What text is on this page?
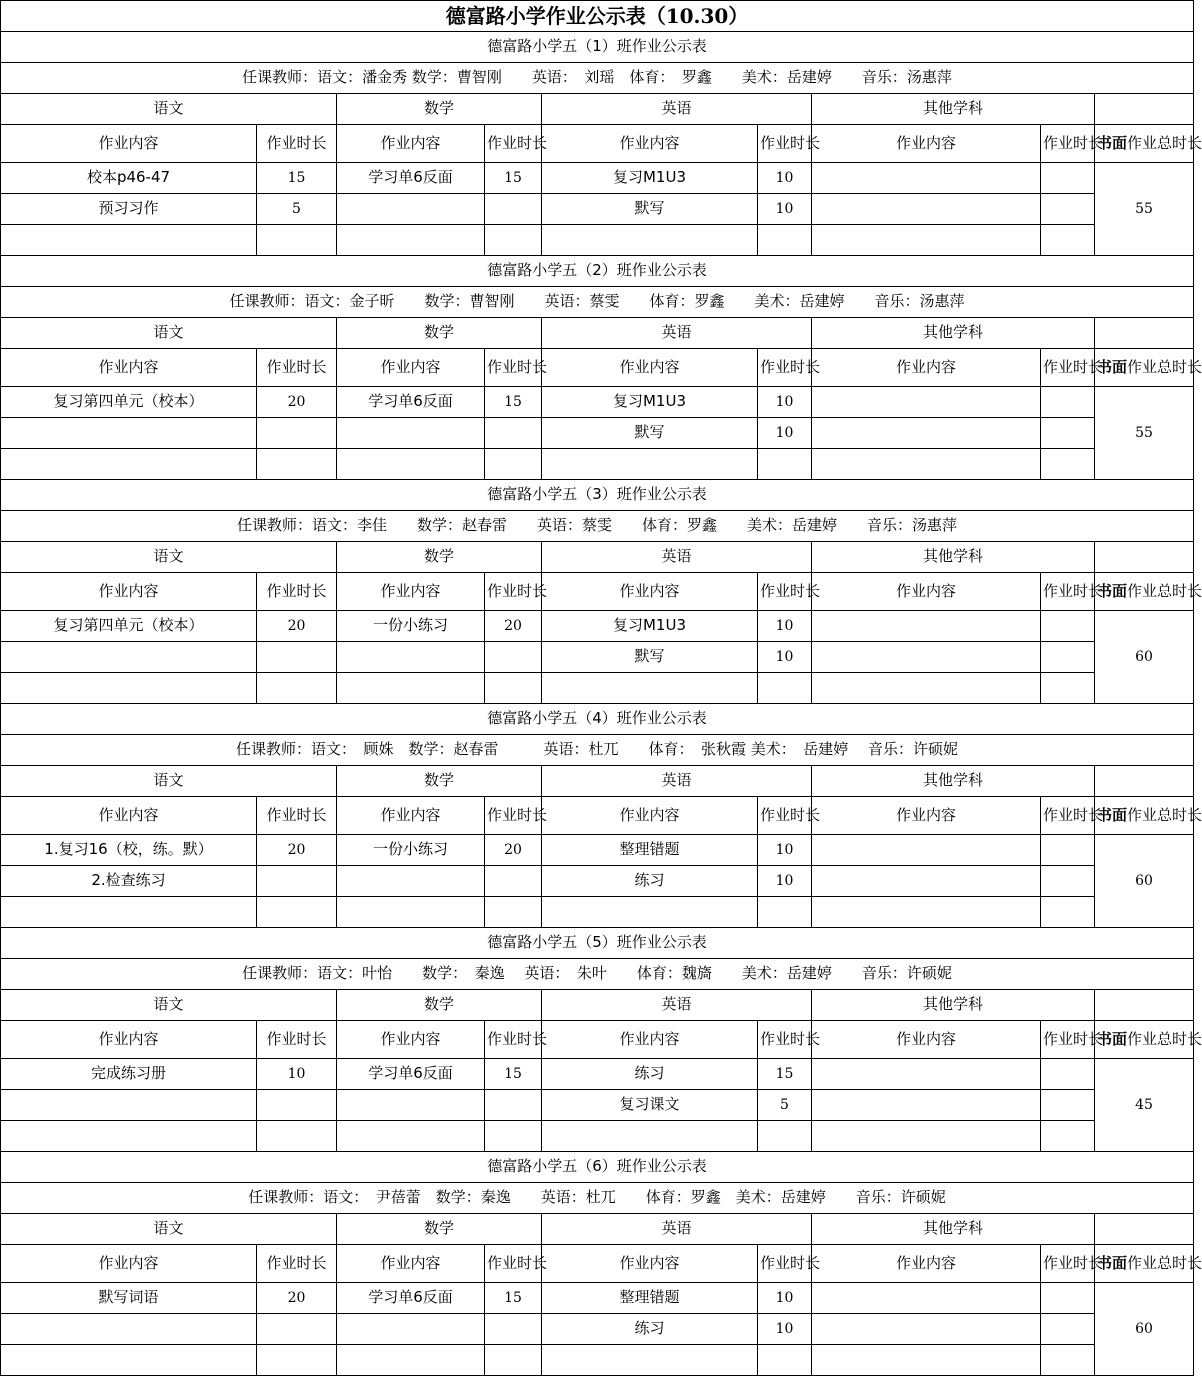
德富路小学作业公示表（10.30）								
德富路小学五（1）班作业公示表								
任课教师：语文：潘金秀 数学：曹智刚　　英语：　刘瑶　体育：　罗鑫　　美术：岳建婷　　音乐：汤惠萍								
语文		数学		英语		其他学科		
作业内容	作业时长	作业内容	作业时长	作业内容	作业时长	作业内容	作业时长	书面作业总时长
校本p46-47	15	学习单6反面	15	复习M1U3	10			55
预习习作	5			默写	10			

德富路小学五（2）班作业公示表								
任课教师：语文：金子昕　　数学：曹智刚　　英语：蔡雯　　体育：罗鑫　　美术：岳建婷　　音乐：汤惠萍								
语文		数学		英语		其他学科		
作业内容	作业时长	作业内容	作业时长	作业内容	作业时长	作业内容	作业时长	书面作业总时长
复习第四单元（校本）	20	学习单6反面	15	复习M1U3	10			55
				默写	10			

德富路小学五（3）班作业公示表								
任课教师：语文：李佳　　数学：赵春雷　　英语：蔡雯　　体育：罗鑫　　美术：岳建婷　　音乐：汤惠萍								
语文		数学		英语		其他学科		
作业内容	作业时长	作业内容	作业时长	作业内容	作业时长	作业内容	作业时长	书面作业总时长
复习第四单元（校本）	20	一份小练习	20	复习M1U3	10			60
				默写	10			

德富路小学五（4）班作业公示表								
任课教师：语文：　顾姝　数学：赵春雷　　　英语：杜兀　　体育：　张秋霞 美术：　岳建婷　 音乐：许硕妮								
语文		数学		英语		其他学科		
作业内容	作业时长	作业内容	作业时长	作业内容	作业时长	作业内容	作业时长	书面作业总时长
1.复习16（校，练。默）	20	一份小练习	20	整理错题	10			60
2.检查练习				练习	10			

德富路小学五（5）班作业公示表								
任课教师：语文：叶怡　　数学：　秦逸　 英语：　朱叶　　体育：魏旖　　美术：岳建婷　　音乐：许硕妮								
语文		数学		英语		其他学科		
作业内容	作业时长	作业内容	作业时长	作业内容	作业时长	作业内容	作业时长	书面作业总时长
完成练习册	10	学习单6反面	15	练习	15			45
				复习课文	5			

德富路小学五（6）班作业公示表								
任课教师：语文：　尹蓓蕾　数学：秦逸　　英语：杜兀　　体育：罗鑫　美术：岳建婷　　音乐：许硕妮								
语文		数学		英语		其他学科		
作业内容	作业时长	作业内容	作业时长	作业内容	作业时长	作业内容	作业时长	书面作业总时长
默写词语	20	学习单6反面	15	整理错题	10			60
				练习	10			
